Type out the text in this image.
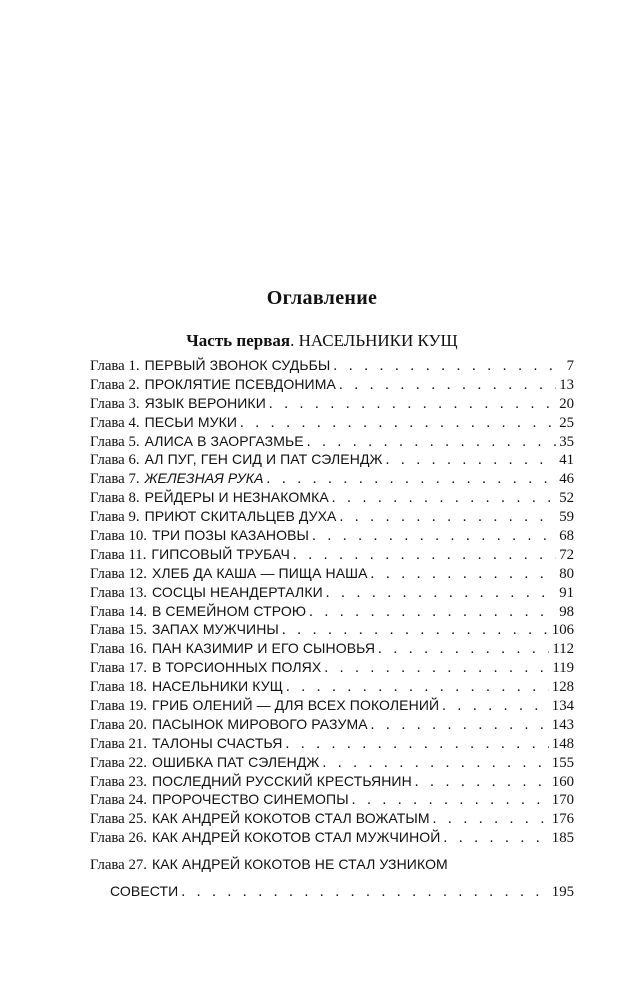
Оглавление
Часть первая. НАСЕЛЬНИКИ КУЩ
Глава 1. ПЕРВЫЙ ЗВОНОК СУДЬБЫ . . .	7
Глава 2. ПРОКЛЯТИЕ ПСЕВДОНИМА . . .	13
Глава 3. ЯЗЫК ВЕРОНИКИ . . .	20
Глава 4. ПЕСЬИ МУКИ . . .	25
Глава 5. АЛИСА В ЗАОРГАЗМЬЕ . . .	35
Глава 6. АЛ ПУГ, ГЕН СИД И ПАТ СЭЛЕНДЖ . . .	41
Глава 7. ЖЕЛЕЗНАЯ РУКА . . .	46
Глава 8. РЕЙДЕРЫ И НЕЗНАКОМКА . . .	52
Глава 9. ПРИЮТ СКИТАЛЬЦЕВ ДУХА . . .	59
Глава 10. ТРИ ПОЗЫ КАЗАНОВЫ . . .	68
Глава 11. ГИПСОВЫЙ ТРУБАЧ . . .	72
Глава 12. ХЛЕБ ДА КАША — ПИЩА НАША . . .	80
Глава 13. СОСЦЫ НЕАНДЕРТАЛКИ . . .	91
Глава 14. В СЕМЕЙНОМ СТРОЮ . . .	98
Глава 15. ЗАПАХ МУЖЧИНЫ . . .	106
Глава 16. ПАН КАЗИМИР И ЕГО СЫНОВЬЯ . . .	112
Глава 17. В ТОРСИОННЫХ ПОЛЯХ . . .	119
Глава 18. НАСЕЛЬНИКИ КУЩ . . .	128
Глава 19. ГРИБ ОЛЕНИЙ — ДЛЯ ВСЕХ ПОКОЛЕНИЙ . . .	134
Глава 20. ПАСЫНОК МИРОВОГО РАЗУМА . . .	143
Глава 21. ТАЛОНЫ СЧАСТЬЯ . . .	148
Глава 22. ОШИБКА ПАТ СЭЛЕНДЖ . . .	155
Глава 23. ПОСЛЕДНИЙ РУССКИЙ КРЕСТЬЯНИН . . .	160
Глава 24. ПРОРОЧЕСТВО СИНЕМОПЫ . . .	170
Глава 25. КАК АНДРЕЙ КОКОТОВ СТАЛ ВОЖАТЫМ . . .	176
Глава 26. КАК АНДРЕЙ КОКОТОВ СТАЛ МУЖЧИНОЙ . . .	185
Глава 27. КАК АНДРЕЙ КОКОТОВ НЕ СТАЛ УЗНИКОМ
СОВЕСТИ . . .	195
